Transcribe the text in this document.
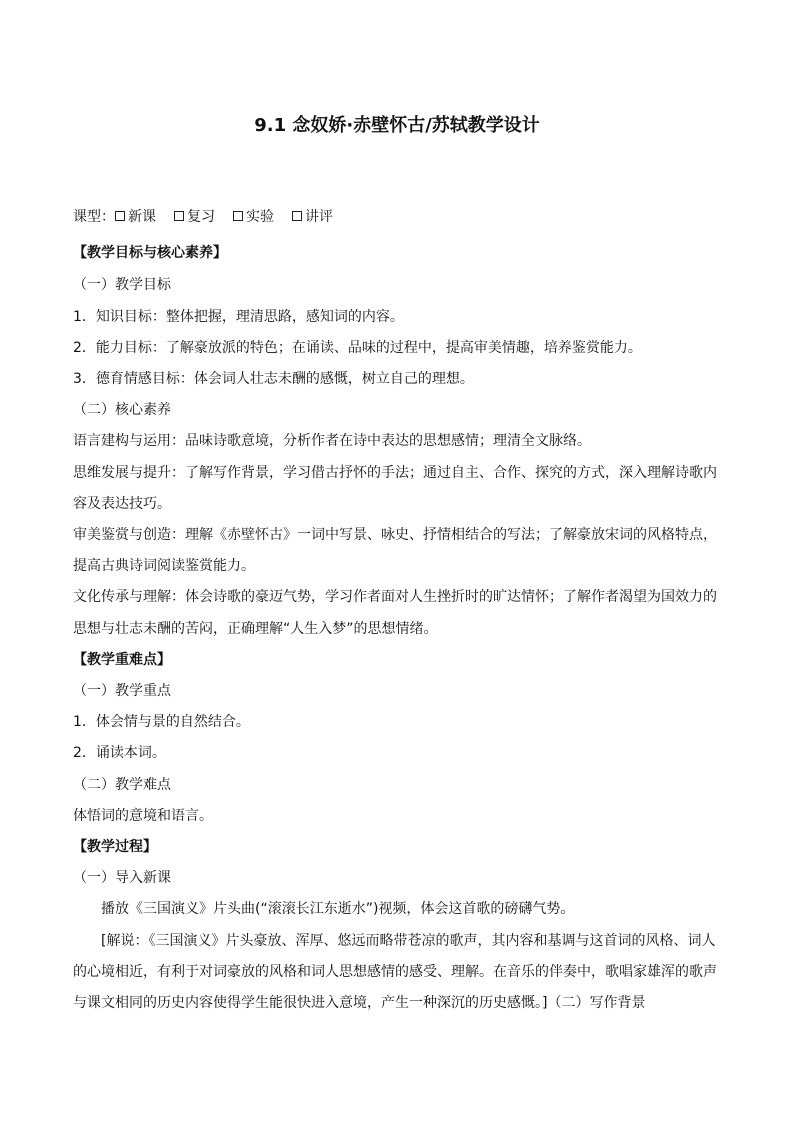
9.1 念奴娇·赤壁怀古/苏轼教学设计
课型： 新课 复习 实验 讲评
【教学目标与核心素养】
（一）教学目标
1．知识目标：整体把握，理清思路，感知词的内容。
2．能力目标：了解豪放派的特色；在诵读、品味的过程中，提高审美情趣，培养鉴赏能力。
3．德育情感目标：体会词人壮志未酬的感慨，树立自己的理想。
（二）核心素养
语言建构与运用：品味诗歌意境，分析作者在诗中表达的思想感情；理清全文脉络。
思维发展与提升：了解写作背景，学习借古抒怀的手法；通过自主、合作、探究的方式，深入理解诗歌内
容及表达技巧。
审美鉴赏与创造：理解《赤壁怀古》一词中写景、咏史、抒情相结合的写法；了解豪放宋词的风格特点，
提高古典诗词阅读鉴赏能力。
文化传承与理解：体会诗歌的豪迈气势，学习作者面对人生挫折时的旷达情怀；了解作者渴望为国效力的
思想与壮志未酬的苦闷，正确理解“人生入梦”的思想情绪。
【教学重难点】
（一）教学重点
1．体会情与景的自然结合。
2．诵读本词。
（二）教学难点
体悟词的意境和语言。
【教学过程】
（一）导入新课
播放《三国演义》片头曲(“滚滚长江东逝水”)视频，体会这首歌的磅礴气势。
[解说：《三国演义》片头豪放、浑厚、悠远而略带苍凉的歌声，其内容和基调与这首词的风格、词人
的心境相近，有利于对词豪放的风格和词人思想感情的感受、理解。在音乐的伴奏中，歌唱家雄浑的歌声
与课文相同的历史内容使得学生能很快进入意境，产生一种深沉的历史感慨。]（二）写作背景
